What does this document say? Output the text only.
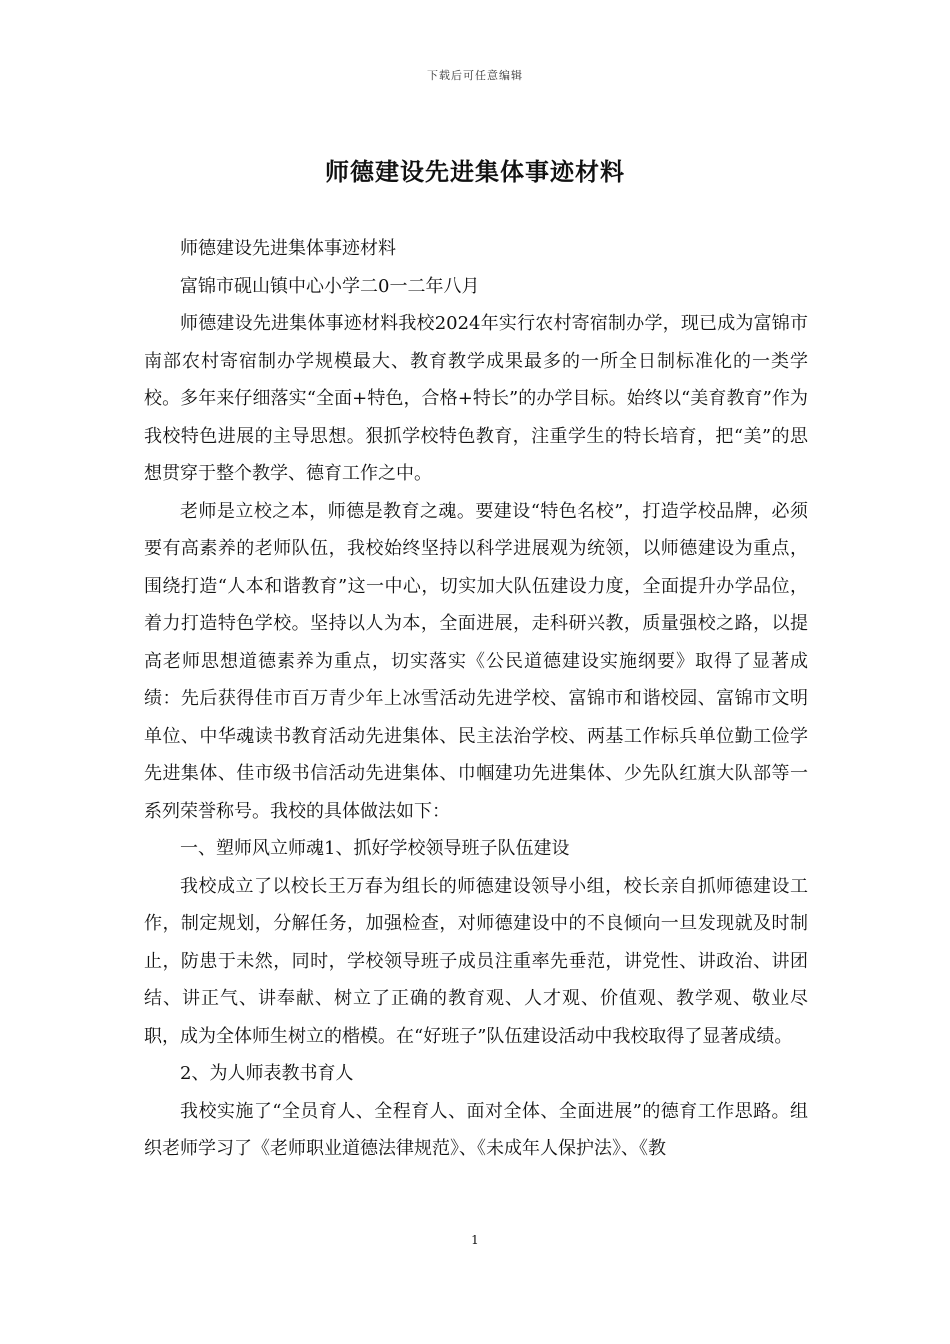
下载后可任意编辑
师德建设先进集体事迹材料

师德建设先进集体事迹材料

富锦市砚山镇中心小学二0一二年八月

师德建设先进集体事迹材料我校2024年实行农村寄宿制办学，现已成为富锦市南部农村寄宿制办学规模最大、教育教学成果最多的一所全日制标准化的一类学校。多年来仔细落实“全面+特色，合格+特长”的办学目标。始终以“美育教育”作为我校特色进展的主导思想。狠抓学校特色教育，注重学生的特长培育，把“美”的思想贯穿于整个教学、德育工作之中。

老师是立校之本，师德是教育之魂。要建设“特色名校”，打造学校品牌，必须要有高素养的老师队伍，我校始终坚持以科学进展观为统领，以师德建设为重点，围绕打造“人本和谐教育”这一中心，切实加大队伍建设力度，全面提升办学品位，着力打造特色学校。坚持以人为本，全面进展，走科研兴教，质量强校之路，以提高老师思想道德素养为重点，切实落实《公民道德建设实施纲要》取得了显著成绩：先后获得佳市百万青少年上冰雪活动先进学校、富锦市和谐校园、富锦市文明单位、中华魂读书教育活动先进集体、民主法治学校、两基工作标兵单位勤工俭学先进集体、佳市级书信活动先进集体、巾帼建功先进集体、少先队红旗大队部等一系列荣誉称号。我校的具体做法如下：

一、塑师风立师魂1、抓好学校领导班子队伍建设

我校成立了以校长王万春为组长的师德建设领导小组，校长亲自抓师德建设工作，制定规划，分解任务，加强检查，对师德建设中的不良倾向一旦发现就及时制止，防患于未然，同时，学校领导班子成员注重率先垂范，讲党性、讲政治、讲团结、讲正气、讲奉献、树立了正确的教育观、人才观、价值观、教学观、敬业尽职，成为全体师生树立的楷模。在“好班子”队伍建设活动中我校取得了显著成绩。

2、为人师表教书育人

我校实施了“全员育人、全程育人、面对全体、全面进展”的德育工作思路。组织老师学习了《老师职业道德法律规范》、《未成年人保护法》、《教

1
